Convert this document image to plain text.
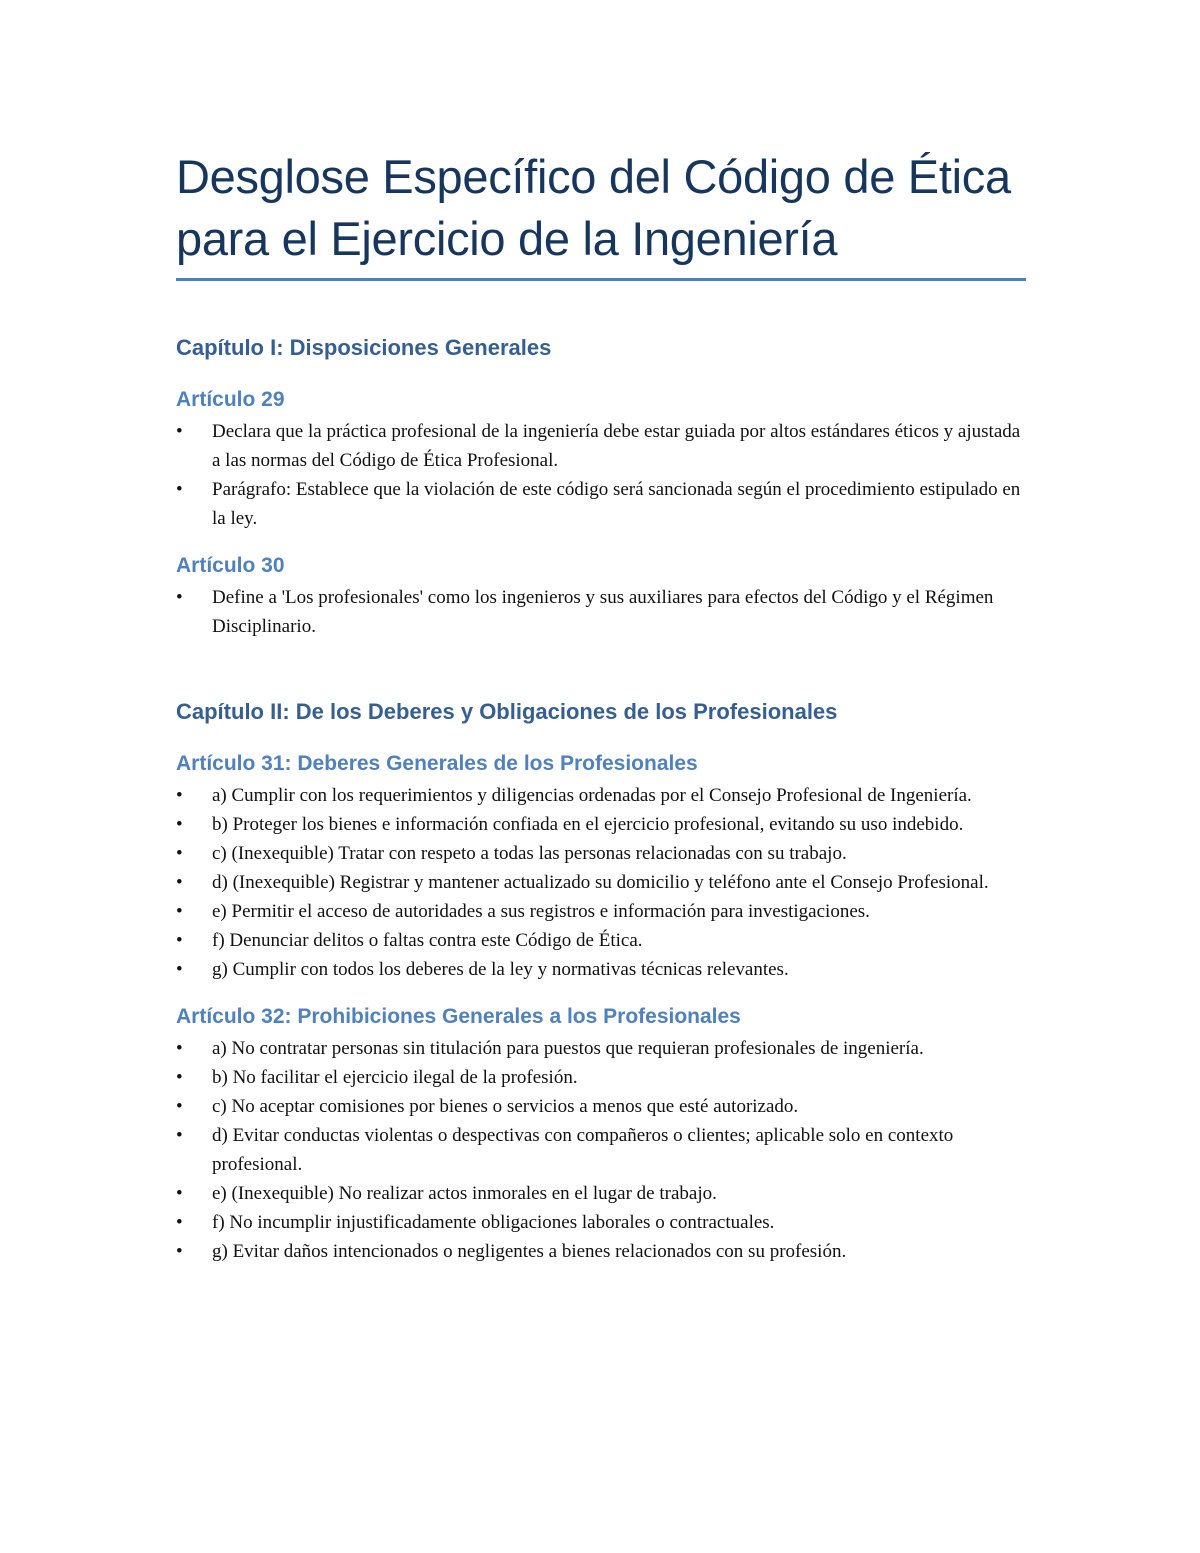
Desglose Específico del Código de Ética para el Ejercicio de la Ingeniería
Capítulo I: Disposiciones Generales
Artículo 29
• Declara que la práctica profesional de la ingeniería debe estar guiada por altos estándares éticos y ajustada a las normas del Código de Ética Profesional.
• Parágrafo: Establece que la violación de este código será sancionada según el procedimiento estipulado en la ley.
Artículo 30
• Define a 'Los profesionales' como los ingenieros y sus auxiliares para efectos del Código y el Régimen Disciplinario.
Capítulo II: De los Deberes y Obligaciones de los Profesionales
Artículo 31: Deberes Generales de los Profesionales
• a) Cumplir con los requerimientos y diligencias ordenadas por el Consejo Profesional de Ingeniería.
• b) Proteger los bienes e información confiada en el ejercicio profesional, evitando su uso indebido.
• c) (Inexequible) Tratar con respeto a todas las personas relacionadas con su trabajo.
• d) (Inexequible) Registrar y mantener actualizado su domicilio y teléfono ante el Consejo Profesional.
• e) Permitir el acceso de autoridades a sus registros e información para investigaciones.
• f) Denunciar delitos o faltas contra este Código de Ética.
• g) Cumplir con todos los deberes de la ley y normativas técnicas relevantes.
Artículo 32: Prohibiciones Generales a los Profesionales
• a) No contratar personas sin titulación para puestos que requieran profesionales de ingeniería.
• b) No facilitar el ejercicio ilegal de la profesión.
• c) No aceptar comisiones por bienes o servicios a menos que esté autorizado.
• d) Evitar conductas violentas o despectivas con compañeros o clientes; aplicable solo en contexto profesional.
• e) (Inexequible) No realizar actos inmorales en el lugar de trabajo.
• f) No incumplir injustificadamente obligaciones laborales o contractuales.
• g) Evitar daños intencionados o negligentes a bienes relacionados con su profesión.
